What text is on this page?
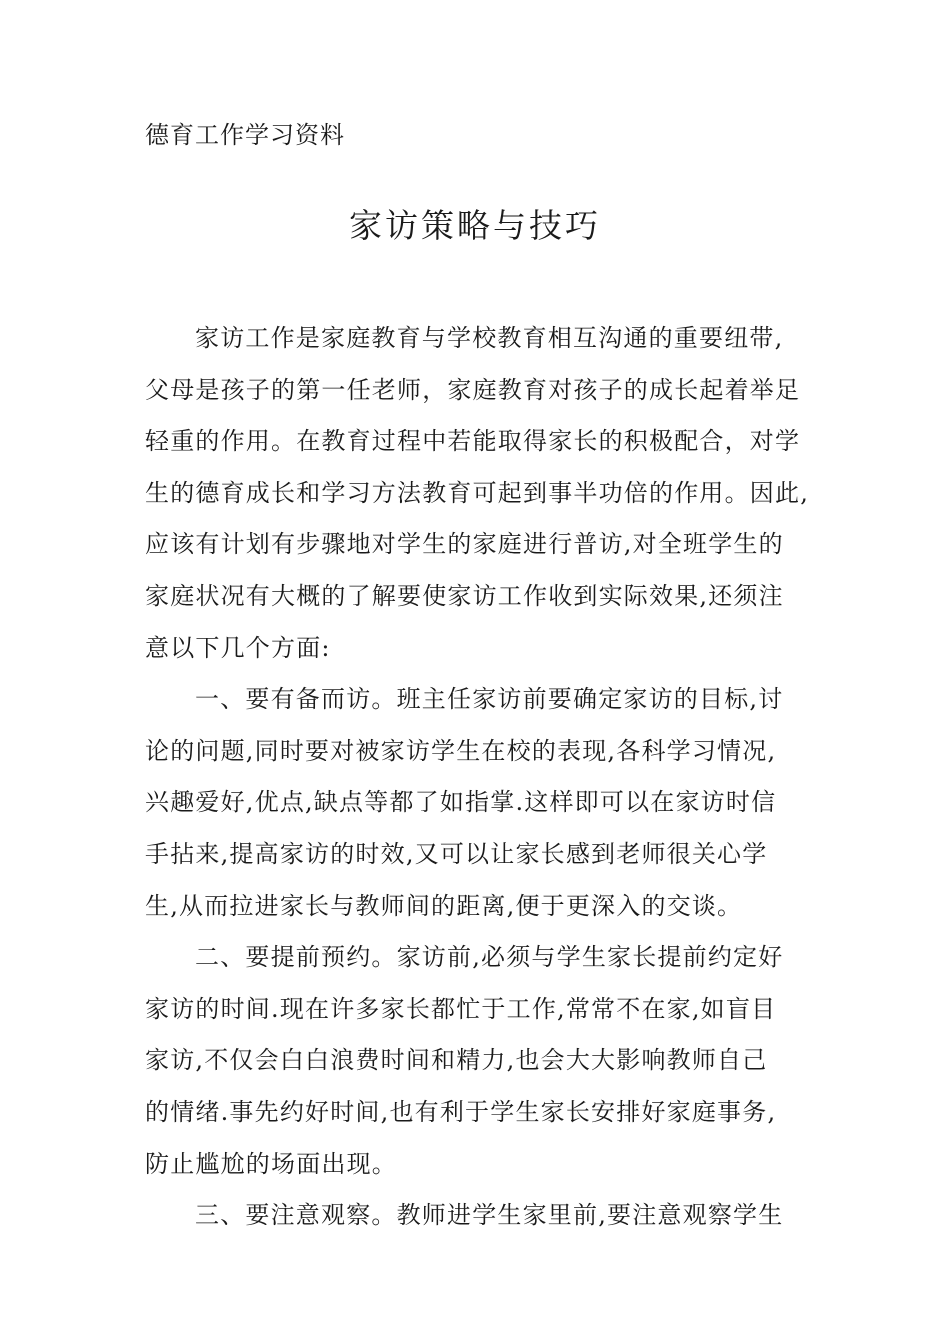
德育工作学习资料
家访策略与技巧
家访工作是家庭教育与学校教育相互沟通的重要纽带,
父母是孩子的第一任老师，家庭教育对孩子的成长起着举足
轻重的作用。在教育过程中若能取得家长的积极配合，对学
生的德育成长和学习方法教育可起到事半功倍的作用。因此,
应该有计划有步骤地对学生的家庭进行普访,对全班学生的
家庭状况有大概的了解要使家访工作收到实际效果,还须注
意以下几个方面:
一、要有备而访。班主任家访前要确定家访的目标,讨
论的问题,同时要对被家访学生在校的表现,各科学习情况,
兴趣爱好,优点,缺点等都了如指掌.这样即可以在家访时信
手拈来,提高家访的时效,又可以让家长感到老师很关心学
生,从而拉进家长与教师间的距离,便于更深入的交谈。
二、要提前预约。家访前,必须与学生家长提前约定好
家访的时间.现在许多家长都忙于工作,常常不在家,如盲目
家访,不仅会白白浪费时间和精力,也会大大影响教师自己
的情绪.事先约好时间,也有利于学生家长安排好家庭事务,
防止尴尬的场面出现。
三、要注意观察。教师进学生家里前,要注意观察学生
